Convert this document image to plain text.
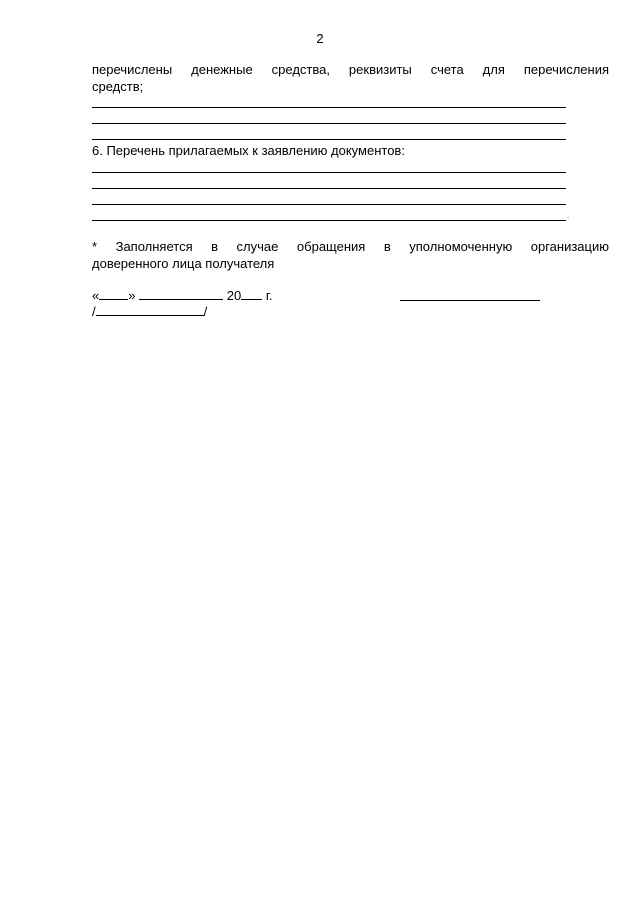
2
перечислены денежные средства, реквизиты счета для перечисления
средств;
6. Перечень прилагаемых к заявлению документов:
.
* Заполняется в случае обращения в уполномоченную организацию
доверенного лица получателя
« »	20 г.
/	/
